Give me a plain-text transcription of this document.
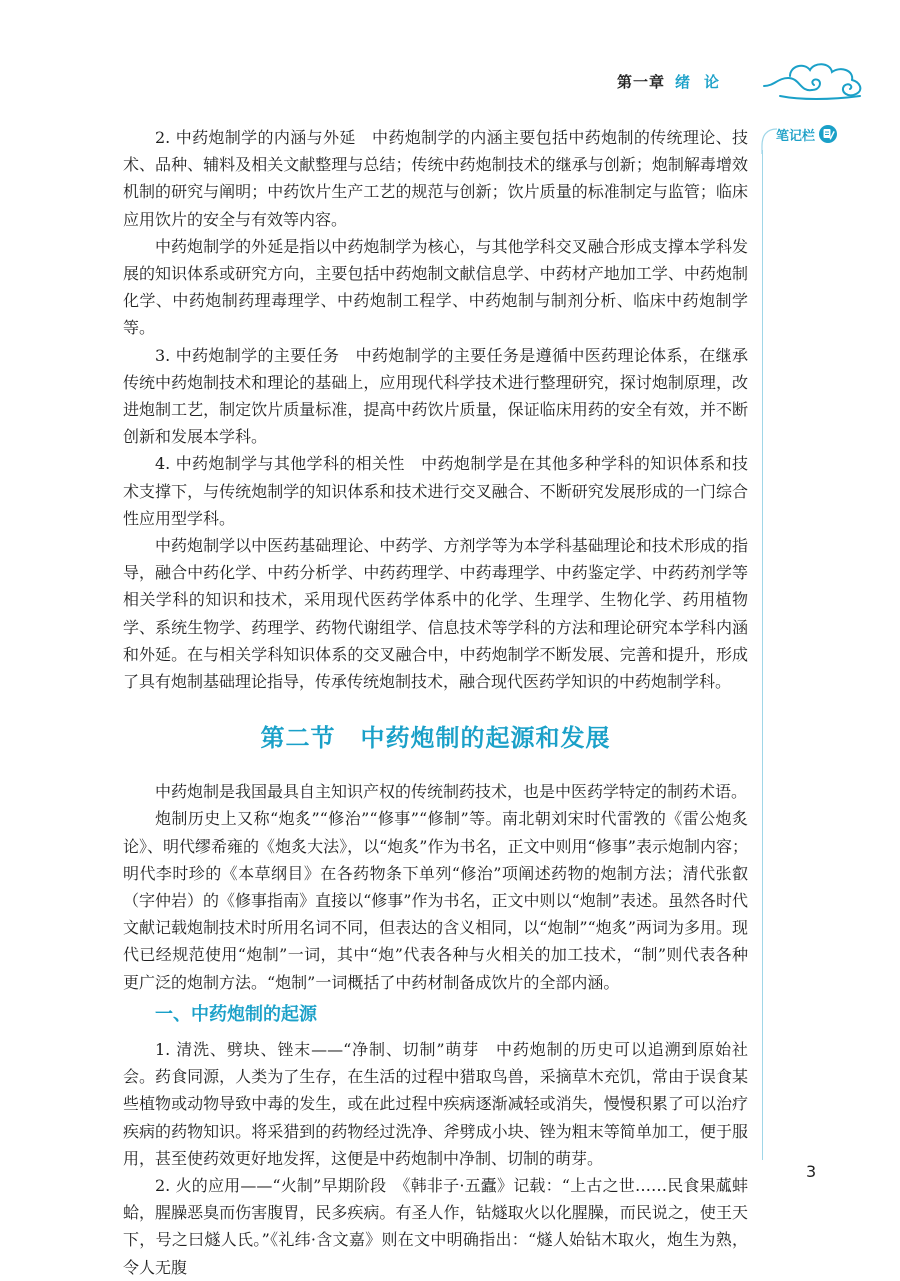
第一章 绪论
笔记栏

2. 中药炮制学的内涵与外延　中药炮制学的内涵主要包括中药炮制的传统理论、技术、品种、辅料及相关文献整理与总结；传统中药炮制技术的继承与创新；炮制解毒增效机制的研究与阐明；中药饮片生产工艺的规范与创新；饮片质量的标准制定与监管；临床应用饮片的安全与有效等内容。

中药炮制学的外延是指以中药炮制学为核心，与其他学科交叉融合形成支撑本学科发展的知识体系或研究方向，主要包括中药炮制文献信息学、中药材产地加工学、中药炮制化学、中药炮制药理毒理学、中药炮制工程学、中药炮制与制剂分析、临床中药炮制学等。

3. 中药炮制学的主要任务　中药炮制学的主要任务是遵循中医药理论体系，在继承传统中药炮制技术和理论的基础上，应用现代科学技术进行整理研究，探讨炮制原理，改进炮制工艺，制定饮片质量标准，提高中药饮片质量，保证临床用药的安全有效，并不断创新和发展本学科。

4. 中药炮制学与其他学科的相关性　中药炮制学是在其他多种学科的知识体系和技术支撑下，与传统炮制学的知识体系和技术进行交叉融合、不断研究发展形成的一门综合性应用型学科。

中药炮制学以中医药基础理论、中药学、方剂学等为本学科基础理论和技术形成的指导，融合中药化学、中药分析学、中药药理学、中药毒理学、中药鉴定学、中药药剂学等相关学科的知识和技术，采用现代医药学体系中的化学、生理学、生物化学、药用植物学、系统生物学、药理学、药物代谢组学、信息技术等学科的方法和理论研究本学科内涵和外延。在与相关学科知识体系的交叉融合中，中药炮制学不断发展、完善和提升，形成了具有炮制基础理论指导，传承传统炮制技术，融合现代医药学知识的中药炮制学科。

第二节　中药炮制的起源和发展

中药炮制是我国最具自主知识产权的传统制药技术，也是中医药学特定的制药术语。

炮制历史上又称“炮炙”“修治”“修事”“修制”等。南北朝刘宋时代雷敩的《雷公炮炙论》、明代缪希雍的《炮炙大法》，以“炮炙”作为书名，正文中则用“修事”表示炮制内容；明代李时珍的《本草纲目》在各药物条下单列“修治”项阐述药物的炮制方法；清代张叡（字仲岩）的《修事指南》直接以“修事”作为书名，正文中则以“炮制”表述。虽然各时代文献记载炮制技术时所用名词不同，但表达的含义相同，以“炮制”“炮炙”两词为多用。现代已经规范使用“炮制”一词，其中“炮”代表各种与火相关的加工技术，“制”则代表各种更广泛的炮制方法。“炮制”一词概括了中药材制备成饮片的全部内涵。

一、中药炮制的起源

1. 清洗、劈块、锉末——“净制、切制”萌芽　中药炮制的历史可以追溯到原始社会。药食同源，人类为了生存，在生活的过程中猎取鸟兽，采摘草木充饥，常由于误食某些植物或动物导致中毒的发生，或在此过程中疾病逐渐减轻或消失，慢慢积累了可以治疗疾病的药物知识。将采猎到的药物经过洗净、斧劈成小块、锉为粗末等简单加工，便于服用，甚至使药效更好地发挥，这便是中药炮制中净制、切制的萌芽。

2. 火的应用——“火制”早期阶段　《韩非子·五蠹》记载：“上古之世……民食果蓏蚌蛤，腥臊恶臭而伤害腹胃，民多疾病。有圣人作，钻燧取火以化腥臊，而民说之，使王天下，号之曰燧人氏。”《礼纬·含文嘉》则在文中明确指出：“燧人始钻木取火，炮生为熟，令人无腹

3
